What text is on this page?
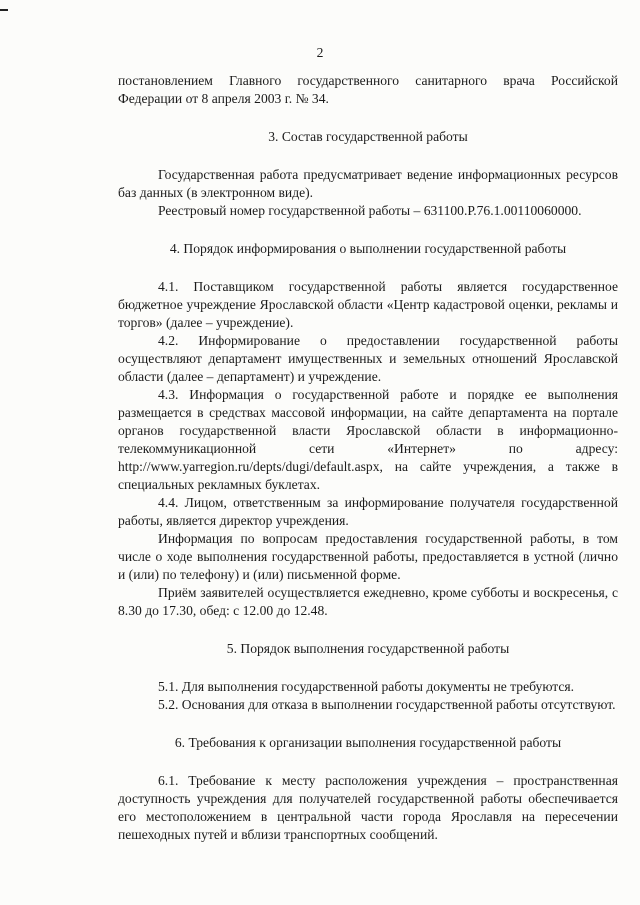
2

постановлением Главного государственного санитарного врача Российской Федерации от 8 апреля 2003 г. № 34.

3. Состав государственной работы

Государственная работа предусматривает ведение информационных ресурсов баз данных (в электронном виде).

Реестровый номер государственной работы – 631100.Р.76.1.00110060000.

4. Порядок информирования о выполнении государственной работы

4.1. Поставщиком государственной работы является государственное бюджетное учреждение Ярославской области «Центр кадастровой оценки, рекламы и торгов» (далее – учреждение).

4.2. Информирование о предоставлении государственной работы осуществляют департамент имущественных и земельных отношений Ярославской области (далее – департамент) и учреждение.

4.3. Информация о государственной работе и порядке ее выполнения размещается в средствах массовой информации, на сайте департамента на портале органов государственной власти Ярославской области в информационно-телекоммуникационной сети «Интернет» по адресу: http://www.yarregion.ru/depts/dugi/default.aspx, на сайте учреждения, а также в специальных рекламных буклетах.

4.4. Лицом, ответственным за информирование получателя государственной работы, является директор учреждения.

Информация по вопросам предоставления государственной работы, в том числе о ходе выполнения государственной работы, предоставляется в устной (лично и (или) по телефону) и (или) письменной форме.

Приём заявителей осуществляется ежедневно, кроме субботы и воскресенья, с 8.30 до 17.30, обед: с 12.00 до 12.48.

5. Порядок выполнения государственной работы

5.1. Для выполнения государственной работы документы не требуются.

5.2. Основания для отказа в выполнении государственной работы отсутствуют.

6. Требования к организации выполнения государственной работы

6.1. Требование к месту расположения учреждения – пространственная доступность учреждения для получателей государственной работы обеспечивается его местоположением в центральной части города Ярославля на пересечении пешеходных путей и вблизи транспортных сообщений.
